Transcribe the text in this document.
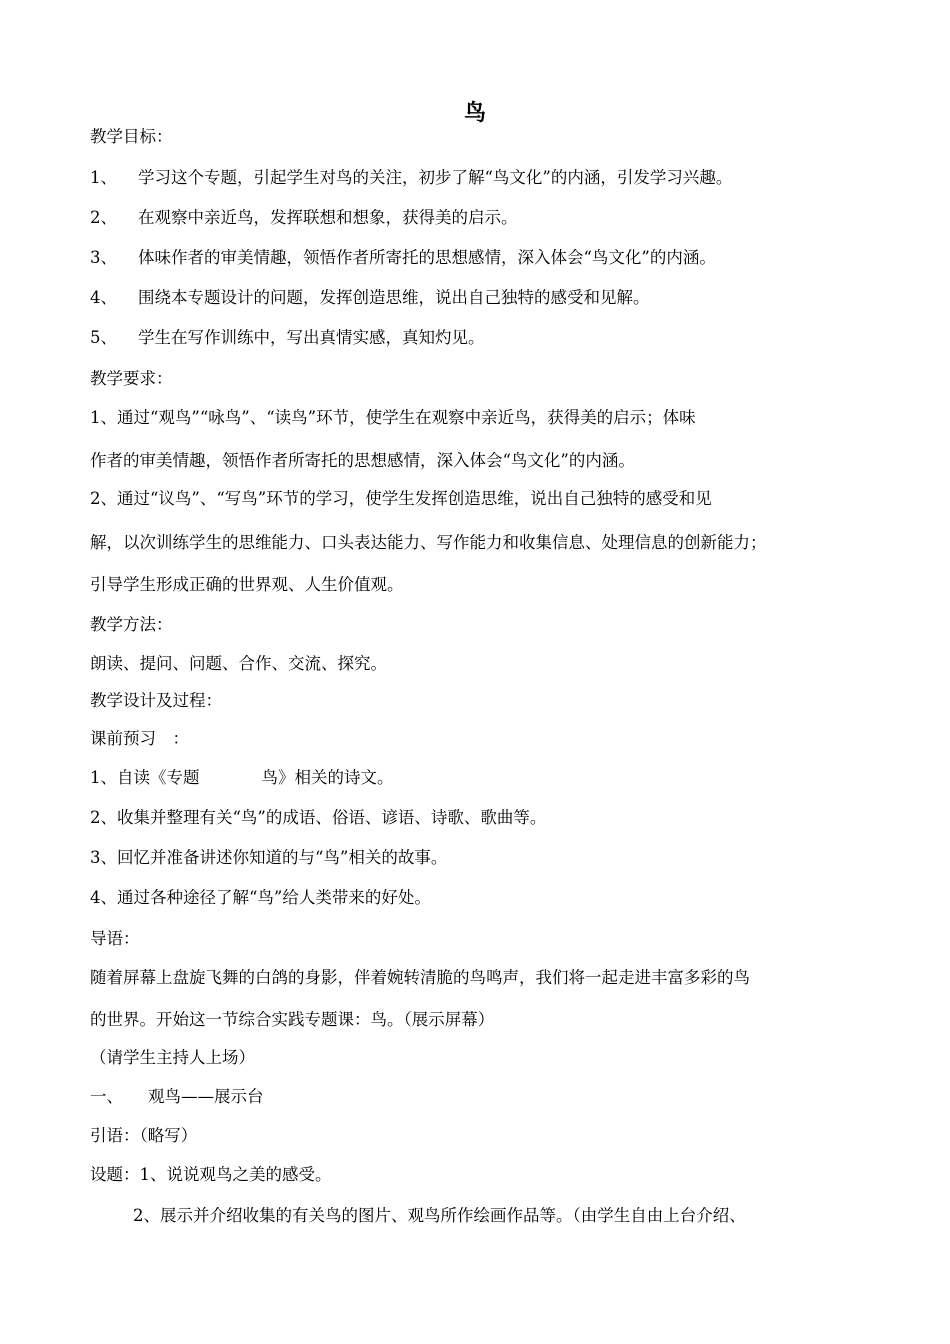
鸟
教学目标：
1、 学习这个专题，引起学生对鸟的关注，初步了解“鸟文化”的内涵，引发学习兴趣。
2、 在观察中亲近鸟，发挥联想和想象，获得美的启示。
3、 体味作者的审美情趣，领悟作者所寄托的思想感情，深入体会“鸟文化”的内涵。
4、 围绕本专题设计的问题，发挥创造思维，说出自己独特的感受和见解。
5、 学生在写作训练中，写出真情实感，真知灼见。
教学要求：
1、通过“观鸟”“咏鸟”、“读鸟”环节，使学生在观察中亲近鸟，获得美的启示；体味
作者的审美情趣，领悟作者所寄托的思想感情，深入体会“鸟文化”的内涵。
2、通过“议鸟”、“写鸟”环节的学习，使学生发挥创造思维，说出自己独特的感受和见
解，以次训练学生的思维能力、口头表达能力、写作能力和收集信息、处理信息的创新能力；
引导学生形成正确的世界观、人生价值观。
教学方法：
朗读、提问、问题、合作、交流、探究。
教学设计及过程：
课前预习　：
1、自读《专题	鸟》相关的诗文。
2、收集并整理有关“鸟”的成语、俗语、谚语、诗歌、歌曲等。
3、回忆并准备讲述你知道的与“鸟”相关的故事。
4、通过各种途径了解“鸟”给人类带来的好处。
导语：
随着屏幕上盘旋飞舞的白鸽的身影，伴着婉转清脆的鸟鸣声，我们将一起走进丰富多彩的鸟
的世界。开始这一节综合实践专题课：鸟。（展示屏幕）
（请学生主持人上场）
一、 观鸟——展示台
引语：（略写）
设题：1、说说观鸟之美的感受。
2、展示并介绍收集的有关鸟的图片、观鸟所作绘画作品等。（由学生自由上台介绍、
